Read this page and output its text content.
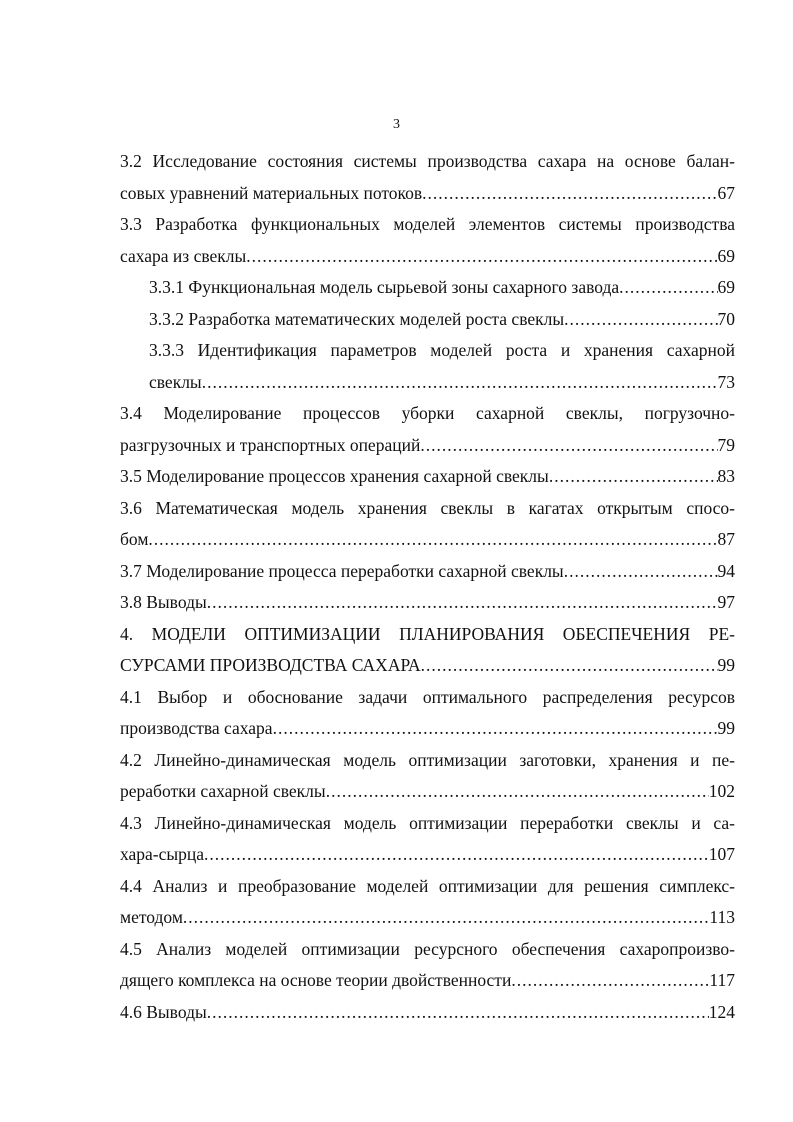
3
3.2 Исследование состояния системы производства сахара на основе балан-
совых уравнений материальных потоков .....	67
3.3 Разработка функциональных моделей элементов системы производства
сахара из свеклы .....	69
3.3.1 Функциональная модель сырьевой зоны сахарного завода .....	69
3.3.2 Разработка математических моделей роста свеклы .....	70
3.3.3 Идентификация параметров моделей роста и хранения сахарной
свеклы .....	73
3.4 Моделирование процессов уборки сахарной свеклы, погрузочно-
разгрузочных и транспортных операций .....	79
3.5 Моделирование процессов хранения сахарной свеклы .....	83
3.6 Математическая модель хранения свеклы в кагатах открытым спосо-
бом .....	87
3.7 Моделирование процесса переработки сахарной свеклы .....	94
3.8 Выводы .....	97
4. МОДЕЛИ ОПТИМИЗАЦИИ ПЛАНИРОВАНИЯ ОБЕСПЕЧЕНИЯ РЕ-
СУРСАМИ ПРОИЗВОДСТВА САХАРА .....	99
4.1 Выбор и обоснование задачи оптимального распределения ресурсов
производства сахара .....	99
4.2 Линейно-динамическая модель оптимизации заготовки, хранения и пе-
реработки сахарной свеклы .....	102
4.3 Линейно-динамическая модель оптимизации переработки свеклы и са-
хара-сырца .....	107
4.4 Анализ и преобразование моделей оптимизации для решения симплекс-
методом .....	113
4.5 Анализ моделей оптимизации ресурсного обеспечения сахаропроизво-
дящего комплекса на основе теории двойственности .....	117
4.6 Выводы .....	124
